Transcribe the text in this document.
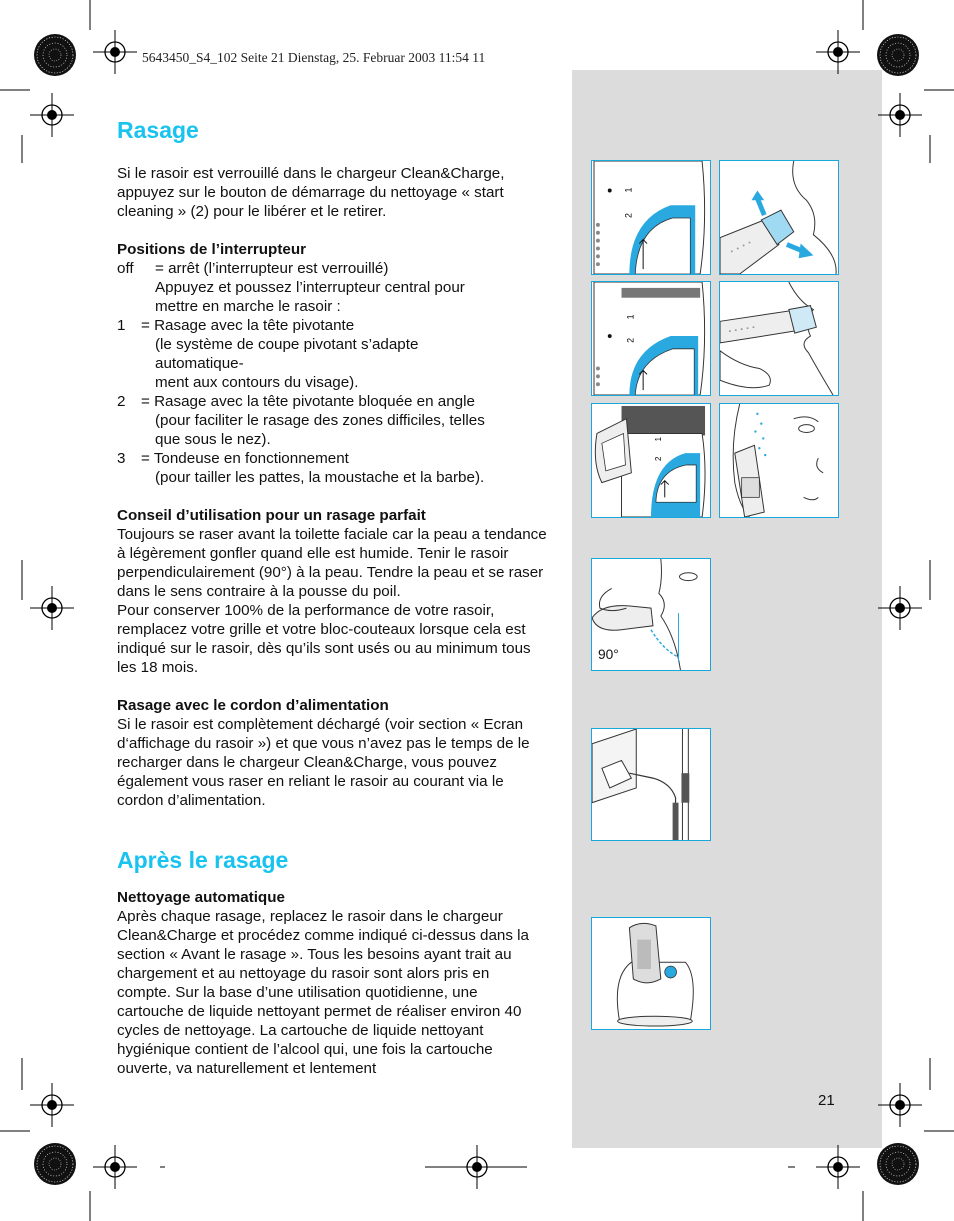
5643450_S4_102 Seite 21 Dienstag, 25. Februar 2003 11:54 11
Rasage

Si le rasoir est verrouillé dans le chargeur Clean&Charge, appuyez sur le bouton de démarrage du nettoyage « start cleaning » (2) pour le libérer et le retirer.

Positions de l’interrupteur
off = arrêt (l’interrupteur est verrouillé)
Appuyez et poussez l’interrupteur central pour
mettre en marche le rasoir :
1 = Rasage avec la tête pivotante
(le système de coupe pivotant s’adapte
automatique-
ment aux contours du visage).
2 = Rasage avec la tête pivotante bloquée en angle
(pour faciliter le rasage des zones difficiles, telles
que sous le nez).
3 = Tondeuse en fonctionnement
(pour tailler les pattes, la moustache et la barbe).
Conseil d’utilisation pour un rasage parfait
Toujours se raser avant la toilette faciale car la peau a tendance à légèrement gonfler quand elle est humide. Tenir le rasoir perpendiculairement (90°) à la peau. Tendre la peau et se raser dans le sens contraire à la pousse du poil.
Pour conserver 100% de la performance de votre rasoir, remplacez votre grille et votre bloc-couteaux lorsque cela est indiqué sur le rasoir, dès qu’ils sont usés ou au minimum tous les 18 mois.
Rasage avec le cordon d’alimentation
Si le rasoir est complètement déchargé (voir section « Ecran d‘affichage du rasoir ») et que vous n’avez pas le temps de le recharger dans le chargeur Clean&Charge, vous pouvez également vous raser en reliant le rasoir au courant via le cordon d’alimentation.
Après le rasage
Nettoyage automatique
Après chaque rasage, replacez le rasoir dans le chargeur Clean&Charge et procédez comme indiqué ci-dessus dans la section « Avant le rasage ». Tous les besoins ayant trait au chargement et au nettoyage du rasoir sont alors pris en compte. Sur la base d’une utilisation quotidienne, une cartouche de liquide nettoyant permet de réaliser environ 40 cycles de nettoyage. La cartouche de liquide nettoyant hygiénique contient de l’alcool qui, une fois la cartouche ouverte, va naturellement et lentement
1
2
1
2
1
2
90°
21
